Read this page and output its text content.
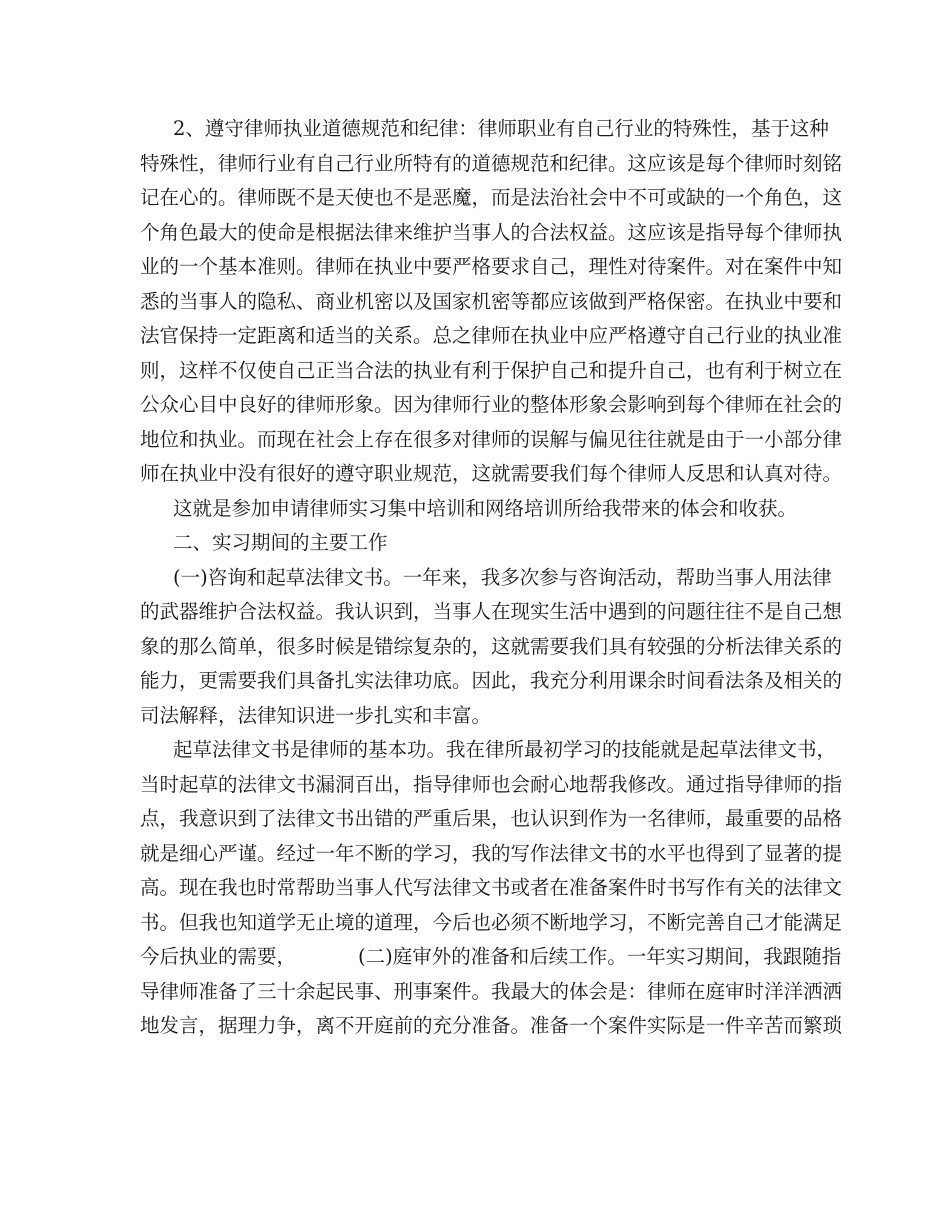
2、遵守律师执业道德规范和纪律：律师职业有自己行业的特殊性，基于这种
特殊性，律师行业有自己行业所特有的道德规范和纪律。这应该是每个律师时刻铭
记在心的。律师既不是天使也不是恶魔，而是法治社会中不可或缺的一个角色，这
个角色最大的使命是根据法律来维护当事人的合法权益。这应该是指导每个律师执
业的一个基本准则。律师在执业中要严格要求自己，理性对待案件。对在案件中知
悉的当事人的隐私、商业机密以及国家机密等都应该做到严格保密。在执业中要和
法官保持一定距离和适当的关系。总之律师在执业中应严格遵守自己行业的执业准
则，这样不仅使自己正当合法的执业有利于保护自己和提升自己，也有利于树立在
公众心目中良好的律师形象。因为律师行业的整体形象会影响到每个律师在社会的
地位和执业。而现在社会上存在很多对律师的误解与偏见往往就是由于一小部分律
师在执业中没有很好的遵守职业规范，这就需要我们每个律师人反思和认真对待。
这就是参加申请律师实习集中培训和网络培训所给我带来的体会和收获。
二、实习期间的主要工作
(一)咨询和起草法律文书。一年来，我多次参与咨询活动，帮助当事人用法律
的武器维护合法权益。我认识到，当事人在现实生活中遇到的问题往往不是自己想
象的那么简单，很多时候是错综复杂的，这就需要我们具有较强的分析法律关系的
能力，更需要我们具备扎实法律功底。因此，我充分利用课余时间看法条及相关的
司法解释，法律知识进一步扎实和丰富。
起草法律文书是律师的基本功。我在律所最初学习的技能就是起草法律文书，
当时起草的法律文书漏洞百出，指导律师也会耐心地帮我修改。通过指导律师的指
点，我意识到了法律文书出错的严重后果，也认识到作为一名律师，最重要的品格
就是细心严谨。经过一年不断的学习，我的写作法律文书的水平也得到了显著的提
高。现在我也时常帮助当事人代写法律文书或者在准备案件时书写作有关的法律文
书。但我也知道学无止境的道理，今后也必须不断地学习，不断完善自己才能满足
今后执业的需要，          (二)庭审外的准备和后续工作。一年实习期间，我跟随指
导律师准备了三十余起民事、刑事案件。我最大的体会是：律师在庭审时洋洋洒洒
地发言，据理力争，离不开庭前的充分准备。准备一个案件实际是一件辛苦而繁琐
